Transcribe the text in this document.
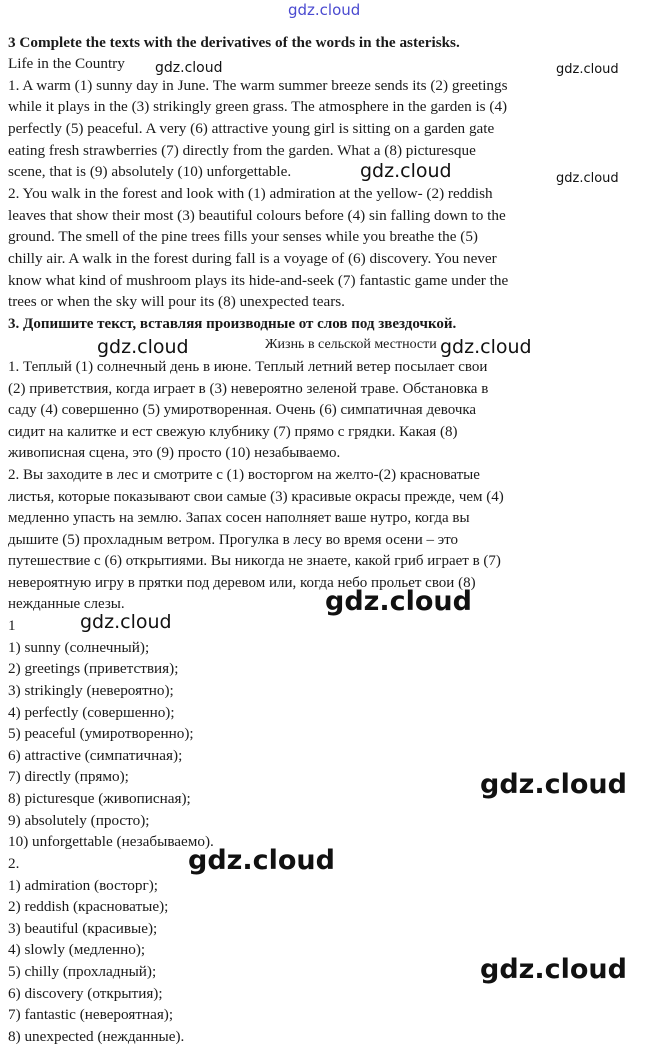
gdz.cloud
gdz.cloud	gdz.cloud
gdz.cloud
gdz.cloud
gdz.cloud	gdz.cloud
gdz.cloud
gdz.cloud
gdz.cloud
gdz.cloud
gdz.cloud
3 Complete the texts with the derivatives of the words in the asterisks.
Life in the Country
1. A warm (1) sunny day in June. The warm summer breeze sends its (2) greetings
while it plays in the (3) strikingly green grass. The atmosphere in the garden is (4)
perfectly (5) peaceful. A very (6) attractive young girl is sitting on a garden gate
eating fresh strawberries (7) directly from the garden. What a (8) picturesque
scene, that is (9) absolutely (10) unforgettable.
2. You walk in the forest and look with (1) admiration at the yellow- (2) reddish
leaves that show their most (3) beautiful colours before (4) sin falling down to the
ground. The smell of the pine trees fills your senses while you breathe the (5)
chilly air. A walk in the forest during fall is a voyage of (6) discovery. You never
know what kind of mushroom plays its hide-and-seek (7) fantastic game under the
trees or when the sky will pour its (8) unexpected tears.
3. Допишите текст, вставляя производные от слов под звездочкой.
Жизнь в сельской местности
1. Теплый (1) солнечный день в июне. Теплый летний ветер посылает свои
(2) приветствия, когда играет в (3) невероятно зеленой траве. Обстановка в
саду (4) совершенно (5) умиротворенная. Очень (6) симпатичная девочка
сидит на калитке и ест свежую клубнику (7) прямо с грядки. Какая (8)
живописная сцена, это (9) просто (10) незабываемо.
2. Вы заходите в лес и смотрите с (1) восторгом на желто-(2) красноватые
листья, которые показывают свои самые (3) красивые окрасы прежде, чем (4)
медленно упасть на землю. Запах сосен наполняет ваше нутро, когда вы
дышите (5) прохладным ветром. Прогулка в лесу во время осени – это
путешествие с (6) открытиями. Вы никогда не знаете, какой гриб играет в (7)
невероятную игру в прятки под деревом или, когда небо прольет свои (8)
нежданные слезы.
1
1) sunny (солнечный);
2) greetings (приветствия);
3) strikingly (невероятно);
4) perfectly (совершенно);
5) peaceful (умиротворенно);
6) attractive (симпатичная);
7) directly (прямо);
8) picturesque (живописная);
9) absolutely (просто);
10) unforgettable (незабываемо).
2.
1) admiration (восторг);
2) reddish (красноватые);
3) beautiful (красивые);
4) slowly (медленно);
5) chilly (прохладный);
6) discovery (открытия);
7) fantastic (невероятная);
8) unexpected (нежданные).
